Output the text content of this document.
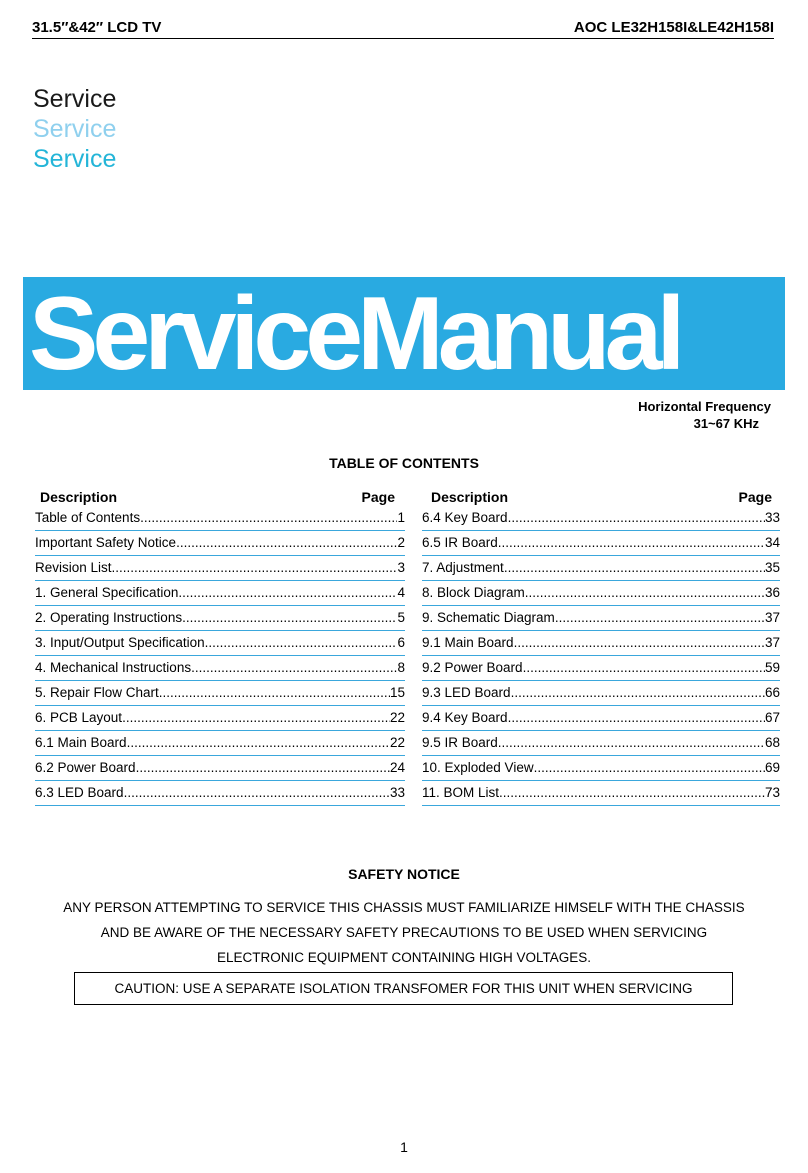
31.5″&42″ LCD TV	AOC LE32H158I&LE42H158I
Service
Service
Service
ServiceManual
Horizontal Frequency
31~67 KHz
TABLE OF CONTENTS
Description	Page
Table of Contents .....	1
Important Safety Notice .....	2
Revision List .....	3
1. General Specification .....	4
2. Operating Instructions .....	5
3. Input/Output Specification .....	6
4. Mechanical Instructions .....	8
5. Repair Flow Chart .....	15
6. PCB Layout .....	22
6.1 Main Board .....	22
6.2 Power Board .....	24
6.3 LED Board .....	33
Description	Page
6.4 Key Board .....	33
6.5 IR Board .....	34
7. Adjustment .....	35
8. Block Diagram .....	36
9. Schematic Diagram .....	37
9.1 Main Board .....	37
9.2 Power Board .....	59
9.3 LED Board .....	66
9.4 Key Board .....	67
9.5 IR Board .....	68
10. Exploded View .....	69
11. BOM List .....	73
SAFETY NOTICE
ANY PERSON ATTEMPTING TO SERVICE THIS CHASSIS MUST FAMILIARIZE HIMSELF WITH THE CHASSIS
AND BE AWARE OF THE NECESSARY SAFETY PRECAUTIONS TO BE USED WHEN SERVICING
ELECTRONIC EQUIPMENT CONTAINING HIGH VOLTAGES.
CAUTION: USE A SEPARATE ISOLATION TRANSFOMER FOR THIS UNIT WHEN SERVICING
1
